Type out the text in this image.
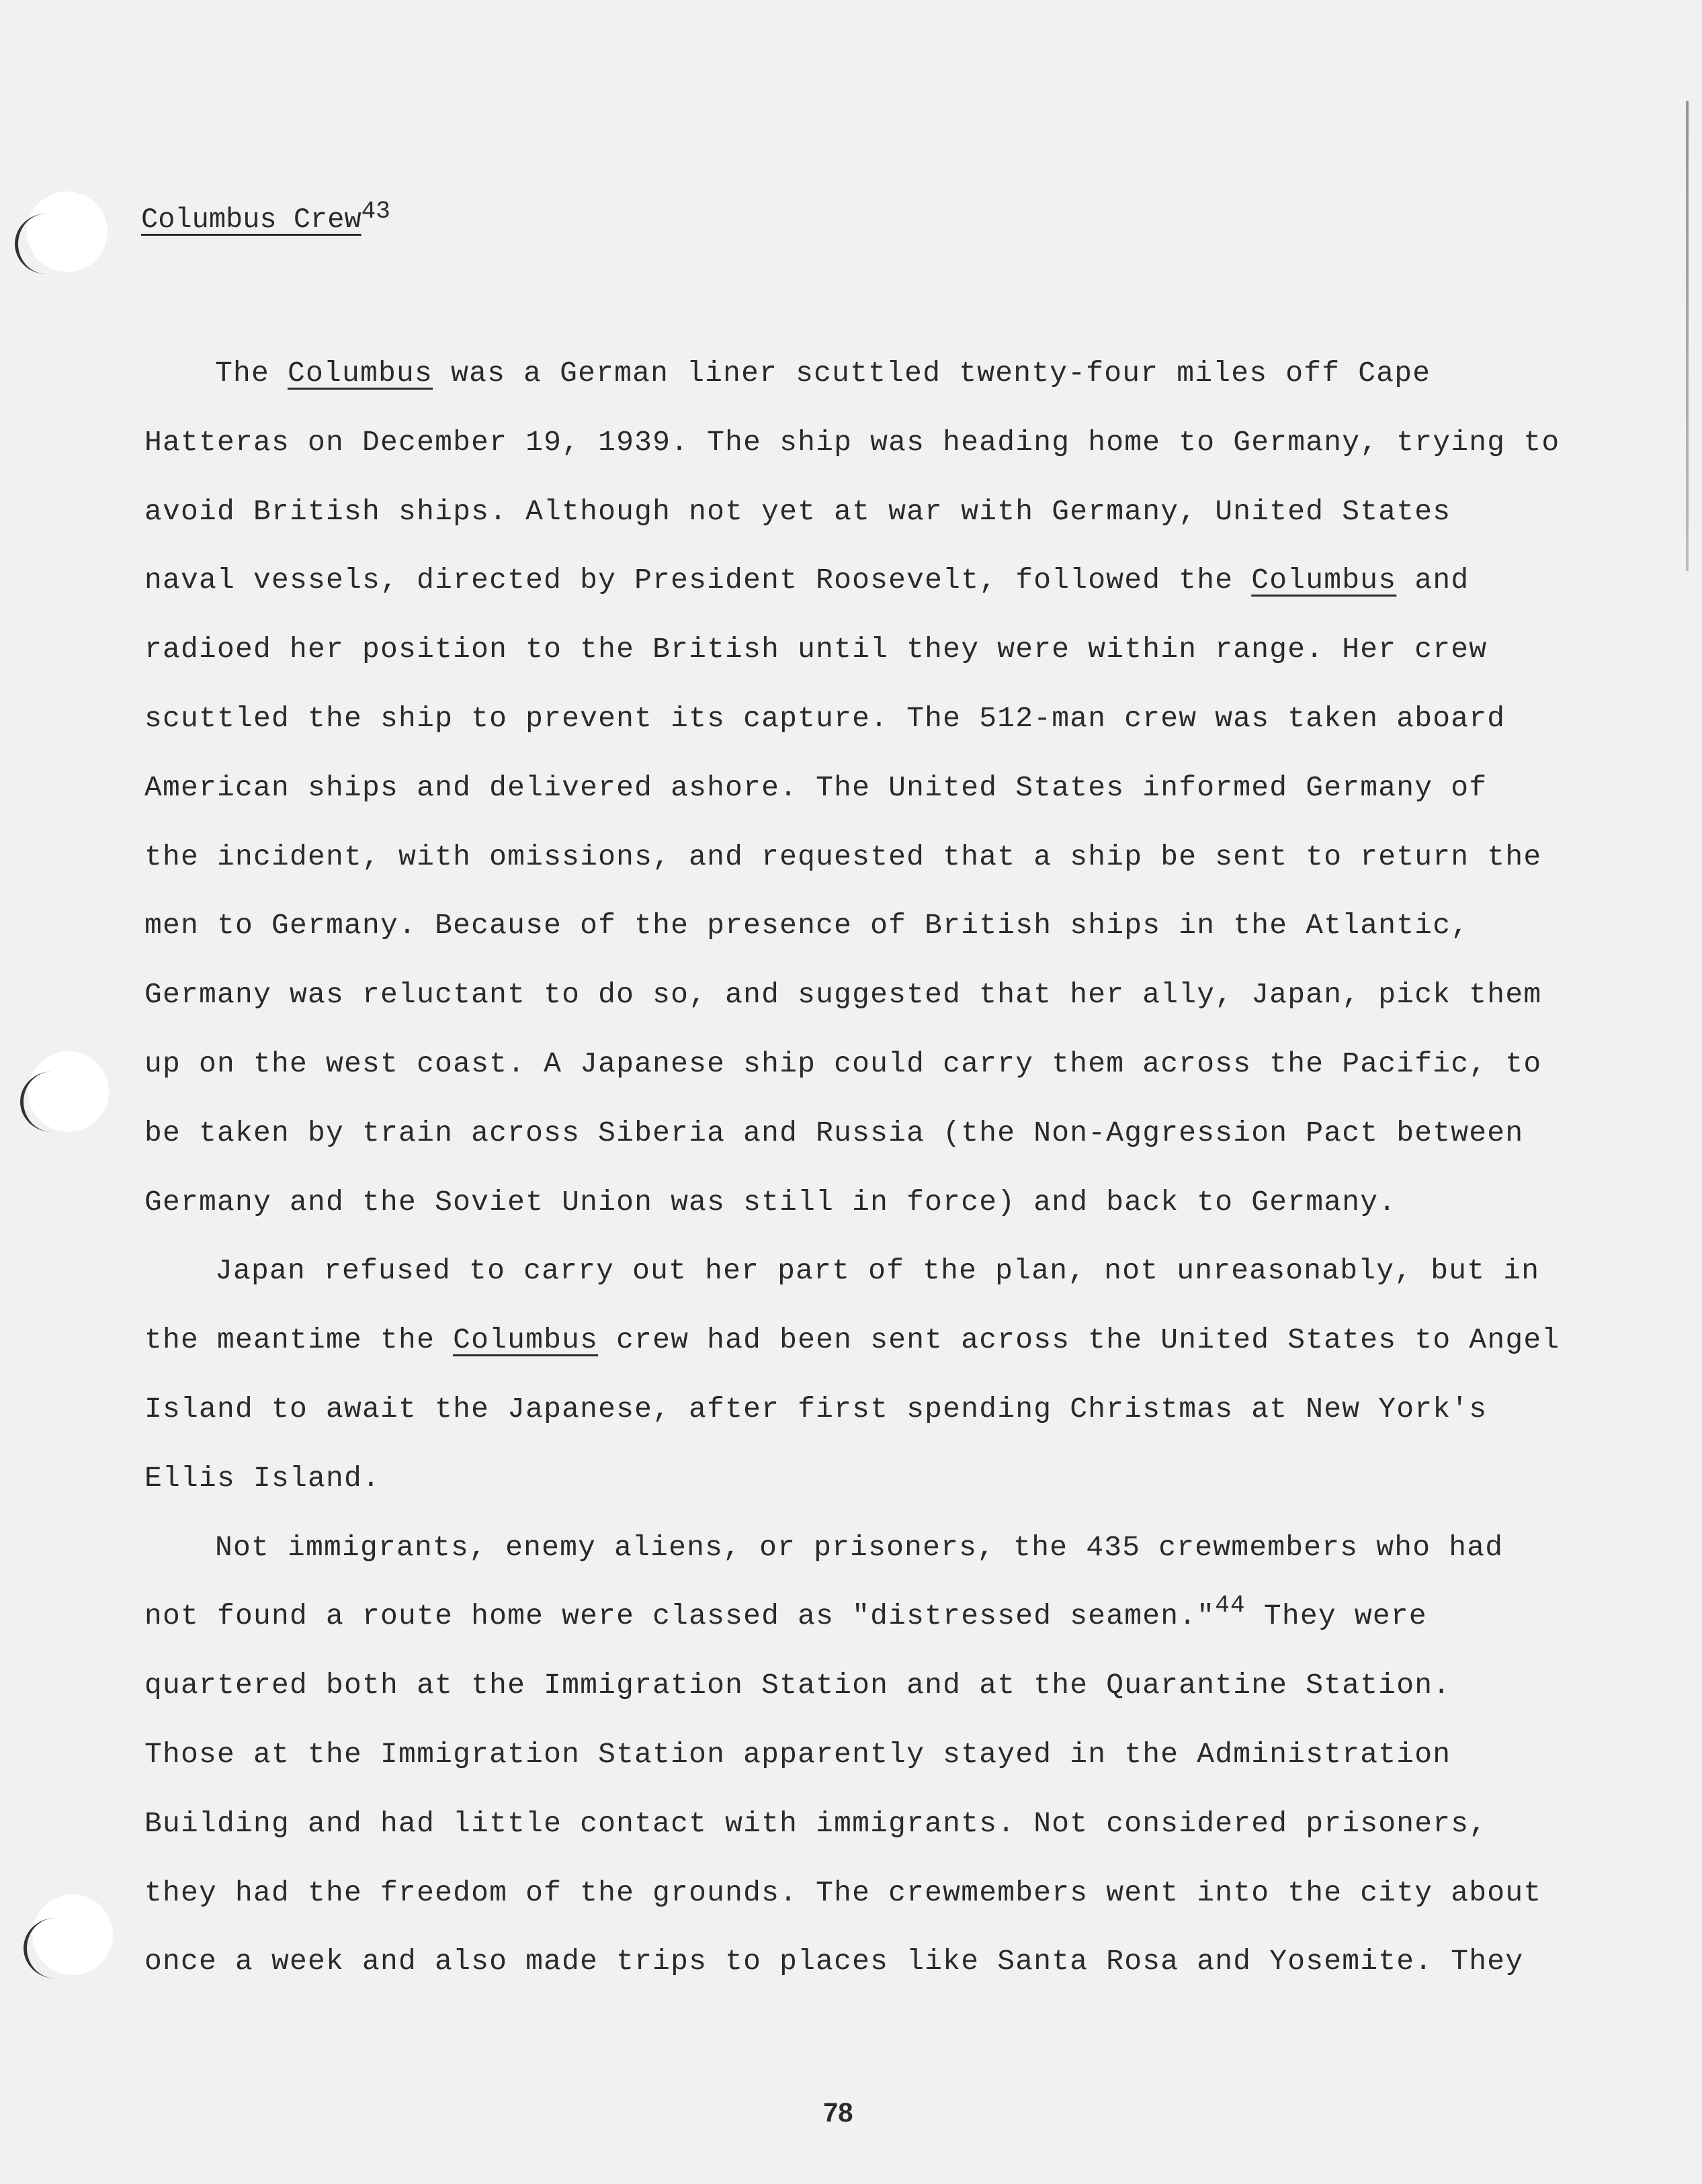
Columbus Crew$^{43}$
The Columbus was a German liner scuttled twenty-four miles off Cape
Hatteras on December 19, 1939. The ship was heading home to Germany, trying to
avoid British ships. Although not yet at war with Germany, United States
naval vessels, directed by President Roosevelt, followed the Columbus and
radioed her position to the British until they were within range. Her crew
scuttled the ship to prevent its capture. The 512-man crew was taken aboard
American ships and delivered ashore. The United States informed Germany of
the incident, with omissions, and requested that a ship be sent to return the
men to Germany. Because of the presence of British ships in the Atlantic,
Germany was reluctant to do so, and suggested that her ally, Japan, pick them
up on the west coast. A Japanese ship could carry them across the Pacific, to
be taken by train across Siberia and Russia (the Non-Aggression Pact between
Germany and the Soviet Union was still in force) and back to Germany.
Japan refused to carry out her part of the plan, not unreasonably, but in
the meantime the Columbus crew had been sent across the United States to Angel
Island to await the Japanese, after first spending Christmas at New York's
Ellis Island.
Not immigrants, enemy aliens, or prisoners, the 435 crewmembers who had
not found a route home were classed as "distressed seamen."$^{44}$ They were
quartered both at the Immigration Station and at the Quarantine Station.
Those at the Immigration Station apparently stayed in the Administration
Building and had little contact with immigrants. Not considered prisoners,
they had the freedom of the grounds. The crewmembers went into the city about
once a week and also made trips to places like Santa Rosa and Yosemite. They
78
